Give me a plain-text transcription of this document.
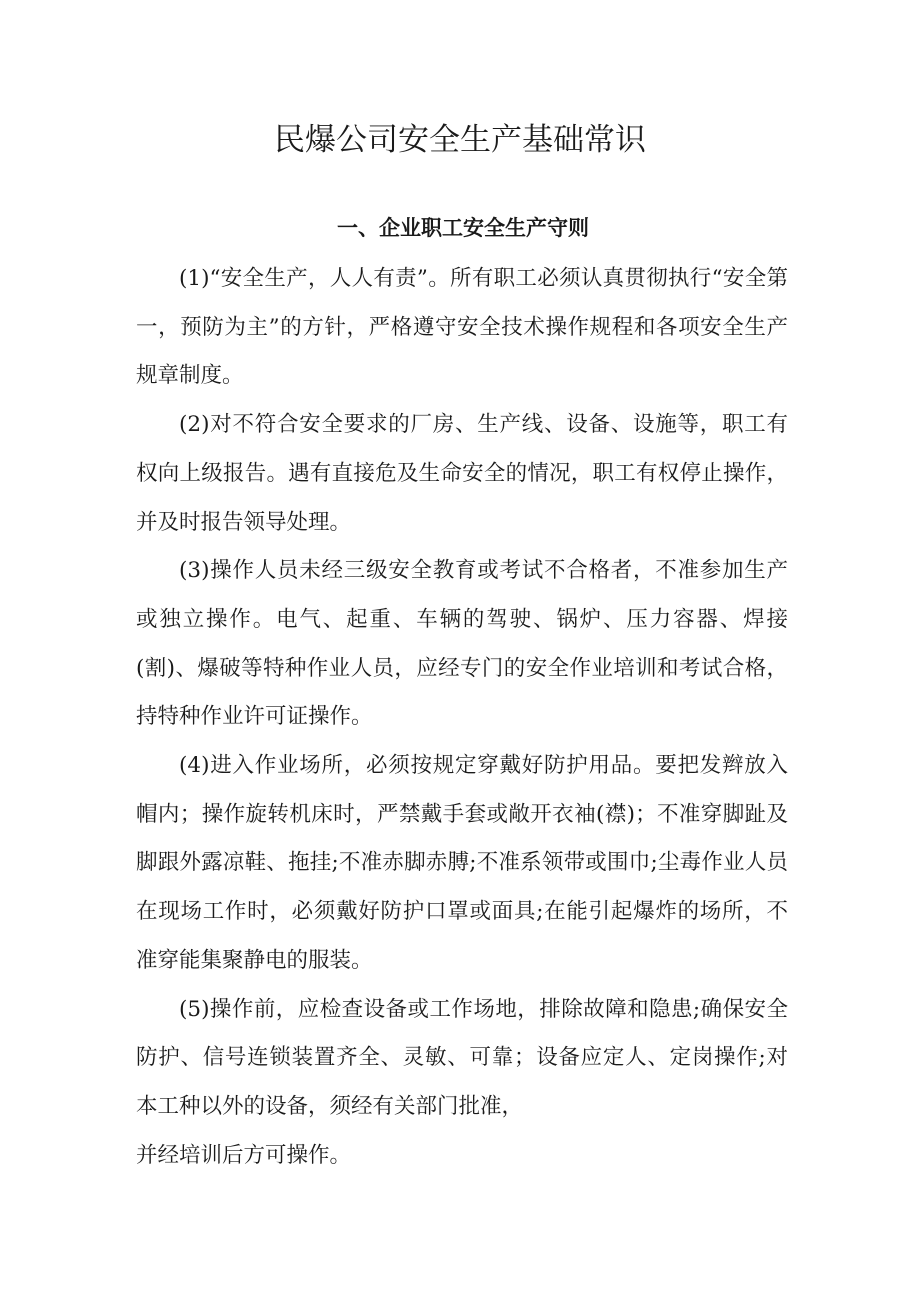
民爆公司安全生产基础常识
一、企业职工安全生产守则

(1)“安全生产，人人有责”。所有职工必须认真贯彻执行“安全第一，预防为主”的方针，严格遵守安全技术操作规程和各项安全生产规章制度。

(2)对不符合安全要求的厂房、生产线、设备、设施等，职工有权向上级报告。遇有直接危及生命安全的情况，职工有权停止操作，并及时报告领导处理。

(3)操作人员未经三级安全教育或考试不合格者，不准参加生产或独立操作。电气、起重、车辆的驾驶、锅炉、压力容器、焊接(割)、爆破等特种作业人员，应经专门的安全作业培训和考试合格，持特种作业许可证操作。

(4)进入作业场所，必须按规定穿戴好防护用品。要把发辫放入帽内；操作旋转机床时，严禁戴手套或敞开衣袖(襟)；不准穿脚趾及脚跟外露凉鞋、拖挂;不准赤脚赤膊;不准系领带或围巾;尘毒作业人员在现场工作时，必须戴好防护口罩或面具;在能引起爆炸的场所，不准穿能集聚静电的服装。

(5)操作前，应检查设备或工作场地，排除故障和隐患;确保安全防护、信号连锁装置齐全、灵敏、可靠；设备应定人、定岗操作;对本工种以外的设备，须经有关部门批准，

并经培训后方可操作。
